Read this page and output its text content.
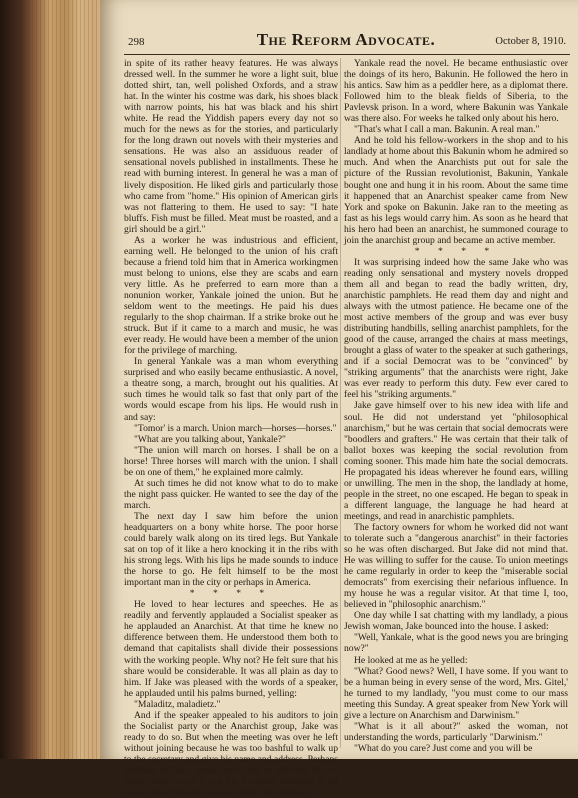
298	The Reform Advocate.	October 8, 1910.

in spite of its rather heavy features. He was always dressed well. In the summer he wore a light suit, blue dotted shirt, tan, well polished Oxfords, and a straw hat. In the winter his costme was dark, his shoes black with narrow points, his hat was black and his shirt white. He read the Yiddish papers every day not so much for the news as for the stories, and particularly for the long drawn out novels with their mysteries and sensations. He was also an assiduous reader of sensational novels published in installments. These he read with burning interest. In general he was a man of lively disposition. He liked girls and particularly those who came from "home." His opinion of American girls was not flattering to them. He used to say: "I hate bluffs. Fish must be filled. Meat must be roasted, and a girl should be a girl."

As a worker he was industrious and efficient, earning well. He belonged to the union of his craft because a friend told him that in America workingmen must belong to unions, else they are scabs and earn very little. As he preferred to earn more than a nonunion worker, Yankale joined the union. But he seldom went to the meetings. He paid his dues regularly to the shop chairman. If a strike broke out he struck. But if it came to a march and music, he was ever ready. He would have been a member of the union for the privilege of marching.

In general Yankale was a man whom everything surprised and who easily became enthusiastic. A novel, a theatre song, a march, brought out his qualities. At such times he would talk so fast that only part of the words would escape from his lips. He would rush in and say:

"Tomor' is a march. Union march—horses—horses."

"What are you talking about, Yankale?"

"The union will march on horses. I shall be on a horse! Three horses will march with the union. I shall be on one of them," he explained more calmly.

At such times he did not know what to do to make the night pass quicker. He wanted to see the day of the march.

The next day I saw him before the union headquarters on a bony white horse. The poor horse could barely walk along on its tired legs. But Yankale sat on top of it like a hero knocking it in the ribs with his strong legs. With his lips he made sounds to induce the horse to go. He felt himself to be the most important man in the city or perhaps in America.

* * * *

He loved to hear lectures and speeches. He as readily and fervently applauded a Socialist speaker as he applauded an Anarchist. At that time he knew no difference between them. He understood them both to demand that capitalists shall divide their possessions with the working people. Why not? He felt sure that his share would be considerable. It was all plain as day to him. If Jake was pleased with the words of a speaker, he applauded until his palms burned, yelling:

"Maladitz, maladietz."

And if the speaker appealed to his auditors to join the Socialist party or the Anarchist group, Jake was ready to do so. But when the meeting was over he left without joining because he was too bashful to walk up to the secretary and give his name and address. Perhaps Yankale, or Jake, would have died in oblivion like so many others were it not for a certain incident. It all came about through a novel called "The Mystery."

Yankale read the novel. He became enthusiastic over the doings of its hero, Bakunin. He followed the hero in his antics. Saw him as a peddler here, as a diplomat there. Followed him to the bleak fields of Siberia, to the Pavlevsk prison. In a word, where Bakunin was Yankale was there also. For weeks he talked only about his hero.

"That's what I call a man. Bakunin. A real man."

And he told his fellow-workers in the shop and to his landlady at home about this Bakunin whom he admired so much. And when the Anarchists put out for sale the picture of the Russian revolutionist, Bakunin, Yankale bought one and hung it in his room. About the same time it happened that an Anarchist speaker came from New York and spoke on Bakunin. Jake ran to the meeting as fast as his legs would carry him. As soon as he heard that his hero had been an anarchist, he summoned courage to join the anarchist group and became an active member.

* * * *

It was surprising indeed how the same Jake who was reading only sensational and mystery novels dropped them all and began to read the badly written, dry, anarchistic pamphlets. He read them day and night and always with the utmost patience. He became one of the most active members of the group and was ever busy distributing handbills, selling anarchist pamphlets, for the good of the cause, arranged the chairs at mass meetings, brought a glass of water to the speaker at such gatherings, and if a social Democrat was to be "convinced" by "striking arguments" that the anarchists were right, Jake was ever ready to perform this duty. Few ever cared to feel his "striking arguments."

Jake gave himself over to his new idea with life and soul. He did not understand yet "philosophical anarchism," but he was certain that social democrats were "boodlers and grafters." He was certain that their talk of ballot boxes was keeping the social revolution from coming sooner. This made him hate the social democrats. He propagated his ideas wherever he found ears, willing or unwilling. The men in the shop, the landlady at home, people in the street, no one escaped. He began to speak in a different language, the language he had heard at meetings, and read in anarchistic pamphlets.

The factory owners for whom he worked did not want to tolerate such a "dangerous anarchist" in their factories so he was often discharged. But Jake did not mind that. He was willing to suffer for the cause. To union meetings he came regularly in order to keep the "miserable social democrats" from exercising their nefarious influence. In my house he was a regular visitor. At that time I, too, believed in "philosophic anarchism."

One day while I sat chatting with my landlady, a pious Jewish woman, Jake bounced into the house. I asked:

"Well, Yankale, what is the good news you are bringing now?"

He looked at me as he yelled:

"What? Good news? Well, I have some. If you want to be a human being in every sense of the word, Mrs. Gitel,' he turned to my landlady, "you must come to our mass meeting this Sunday. A great speaker from New York will give a lecture on Anarchism and Darwinism."

"What is it all about?" asked the woman, not understanding the words, particularly "Darwinism."

"What do you care? Just come and you will be
